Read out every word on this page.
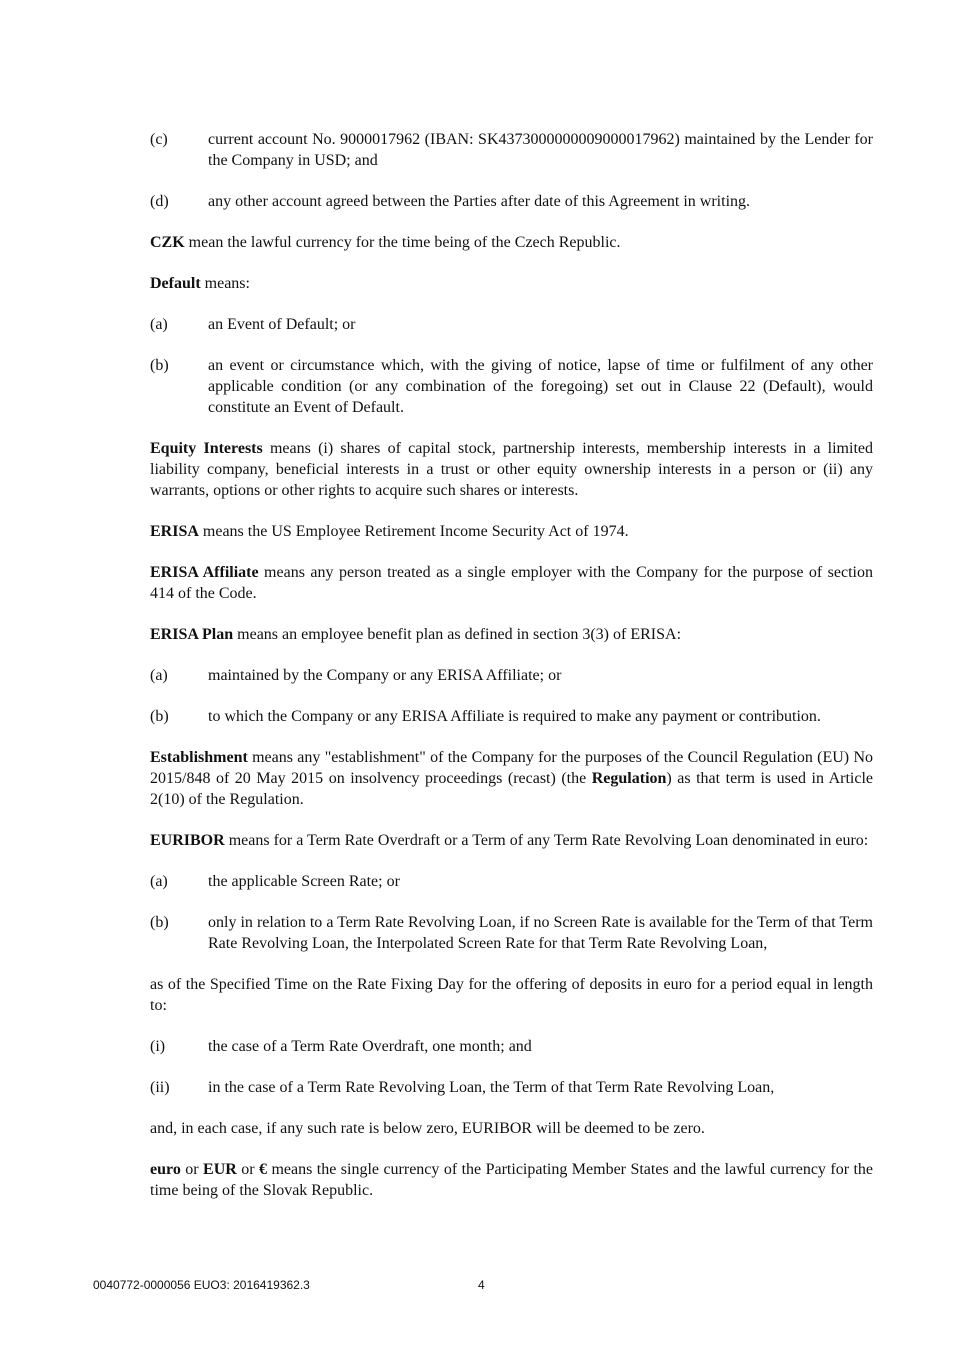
(c)	current account No. 9000017962 (IBAN: SK4373000000009000017962) maintained by the Lender for the Company in USD; and
(d)	any other account agreed between the Parties after date of this Agreement in writing.

CZK mean the lawful currency for the time being of the Czech Republic.

Default means:

(a)	an Event of Default; or
(b)	an event or circumstance which, with the giving of notice, lapse of time or fulfilment of any other applicable condition (or any combination of the foregoing) set out in Clause 22 (Default), would constitute an Event of Default.

Equity Interests means (i) shares of capital stock, partnership interests, membership interests in a limited liability company, beneficial interests in a trust or other equity ownership interests in a person or (ii) any warrants, options or other rights to acquire such shares or interests.

ERISA means the US Employee Retirement Income Security Act of 1974.

ERISA Affiliate means any person treated as a single employer with the Company for the purpose of section 414 of the Code.

ERISA Plan means an employee benefit plan as defined in section 3(3) of ERISA:

(a)	maintained by the Company or any ERISA Affiliate; or
(b)	to which the Company or any ERISA Affiliate is required to make any payment or contribution.

Establishment means any "establishment" of the Company for the purposes of the Council Regulation (EU) No 2015/848 of 20 May 2015 on insolvency proceedings (recast) (the Regulation) as that term is used in Article 2(10) of the Regulation.

EURIBOR means for a Term Rate Overdraft or a Term of any Term Rate Revolving Loan denominated in euro:

(a)	the applicable Screen Rate; or
(b)	only in relation to a Term Rate Revolving Loan, if no Screen Rate is available for the Term of that Term Rate Revolving Loan, the Interpolated Screen Rate for that Term Rate Revolving Loan,

as of the Specified Time on the Rate Fixing Day for the offering of deposits in euro for a period equal in length to:

(i)	the case of a Term Rate Overdraft, one month; and
(ii)	in the case of a Term Rate Revolving Loan, the Term of that Term Rate Revolving Loan,

and, in each case, if any such rate is below zero, EURIBOR will be deemed to be zero.

euro or EUR or € means the single currency of the Participating Member States and the lawful currency for the time being of the Slovak Republic.

0040772-0000056 EUO3: 2016419362.3	4
